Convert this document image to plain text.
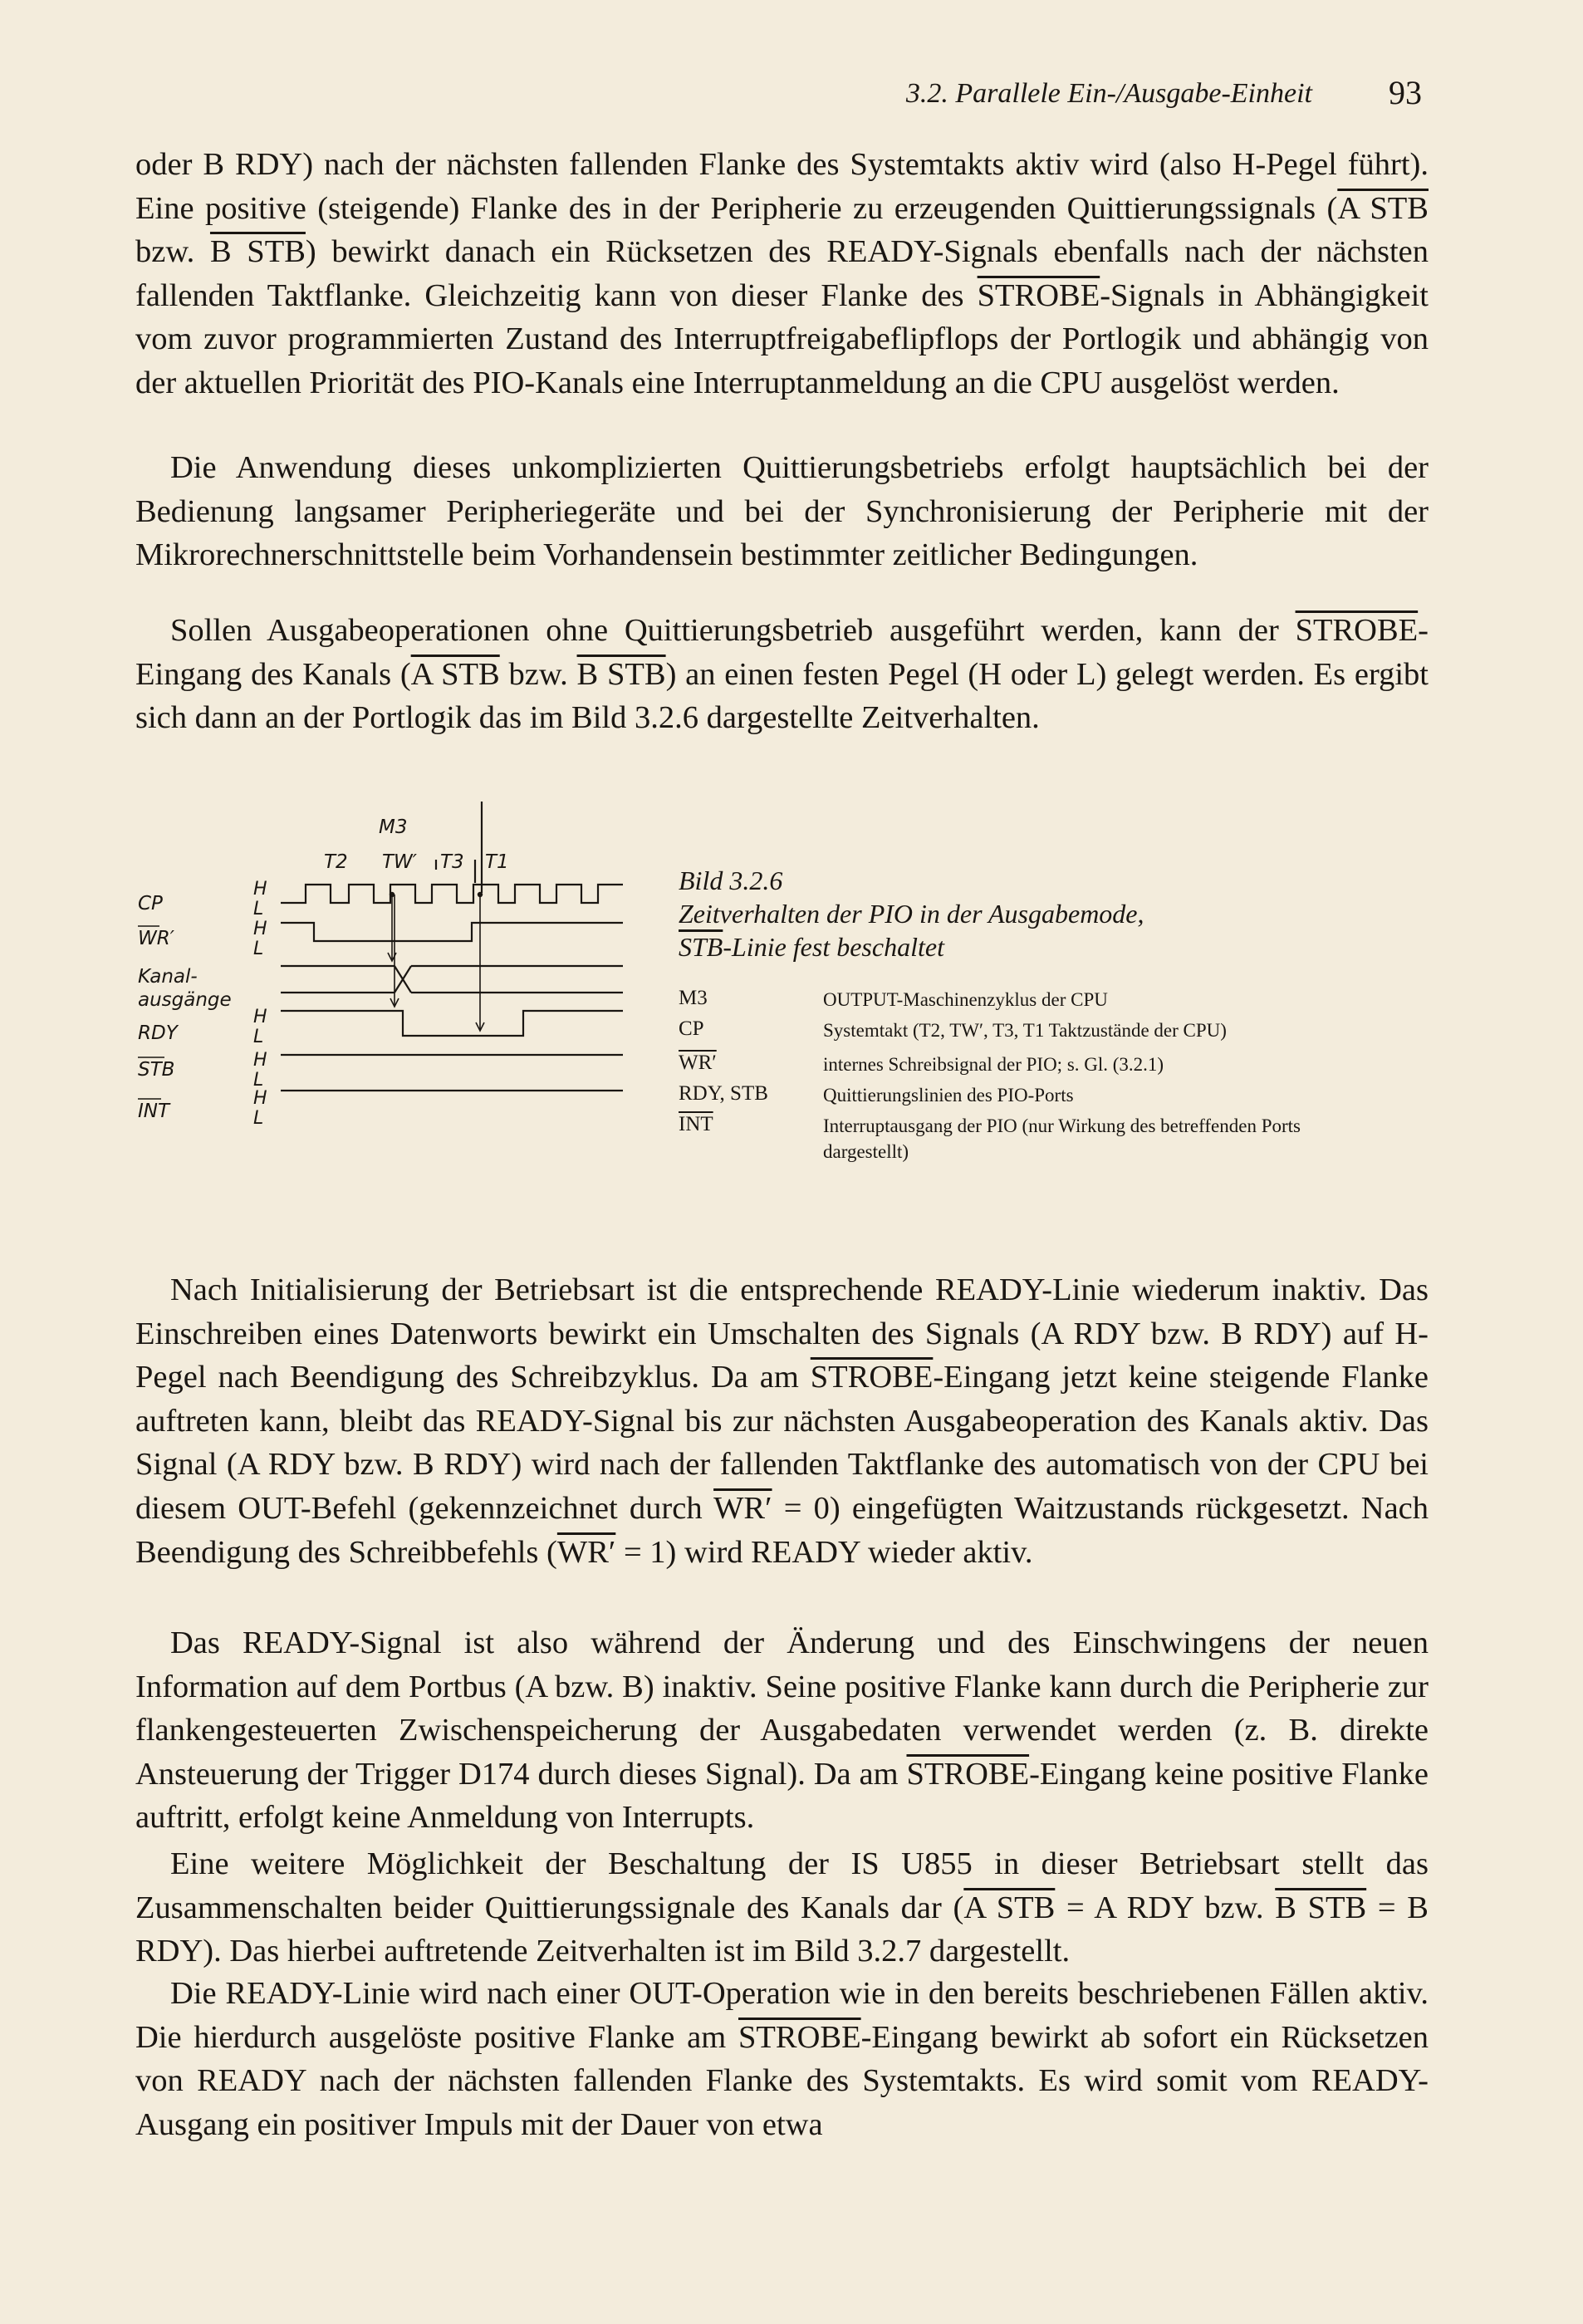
3.2. Parallele Ein-/Ausgabe-Einheit 93

oder B RDY) nach der nächsten fallenden Flanke des Systemtakts aktiv wird (also H-Pegel führt). Eine positive (steigende) Flanke des in der Peripherie zu erzeugenden Quittierungssignals (A STB bzw. B STB) bewirkt danach ein Rücksetzen des READY-Signals ebenfalls nach der nächsten fallenden Taktflanke. Gleichzeitig kann von dieser Flanke des STROBE-Signals in Abhängigkeit vom zuvor programmierten Zustand des Interruptfreigabeflipflops der Portlogik und abhängig von der aktuellen Priorität des PIO-Kanals eine Interruptanmeldung an die CPU ausgelöst werden.

Die Anwendung dieses unkomplizierten Quittierungsbetriebs erfolgt hauptsächlich bei der Bedienung langsamer Peripheriegeräte und bei der Synchronisierung der Peripherie mit der Mikrorechnerschnittstelle beim Vorhandensein bestimmter zeitlicher Bedingungen.

Sollen Ausgabeoperationen ohne Quittierungsbetrieb ausgeführt werden, kann der STROBE-Eingang des Kanals (A STB bzw. B STB) an einen festen Pegel (H oder L) gelegt werden. Es ergibt sich dann an der Portlogik das im Bild 3.2.6 dargestellte Zeitverhalten.

M3
T2 TW′ T3 T1
CP
WR′
Kanal-
ausgänge
RDY
STB
INT
H
L
H
L
H
L
H
L
H
L
Bild 3.2.6
Zeitverhalten der PIO in der Ausgabemode,
$\overline{STB}$-Linie fest beschaltet
M3	OUTPUT-Maschinenzyklus der CPU
CP	Systemtakt (T2, TW′, T3, T1 Taktzustände der CPU)
WR′	internes Schreibsignal der PIO; s. Gl. (3.2.1)
RDY, STB	Quittierungslinien des PIO-Ports
$\overline{INT}$	Interruptausgang der PIO (nur Wirkung des betreffenden Ports dargestellt)

Nach Initialisierung der Betriebsart ist die entsprechende READY-Linie wiederum inaktiv. Das Einschreiben eines Datenworts bewirkt ein Umschalten des Signals (A RDY bzw. B RDY) auf H-Pegel nach Beendigung des Schreibzyklus. Da am STROBE-Eingang jetzt keine steigende Flanke auftreten kann, bleibt das READY-Signal bis zur nächsten Ausgabeoperation des Kanals aktiv. Das Signal (A RDY bzw. B RDY) wird nach der fallenden Taktflanke des automatisch von der CPU bei diesem OUT-Befehl (gekennzeichnet durch WR′ = 0) eingefügten Waitzustands rückgesetzt. Nach Beendigung des Schreibbefehls (WR′ = 1) wird READY wieder aktiv.

Das READY-Signal ist also während der Änderung und des Einschwingens der neuen Information auf dem Portbus (A bzw. B) inaktiv. Seine positive Flanke kann durch die Peripherie zur flankengesteuerten Zwischenspeicherung der Ausgabedaten verwendet werden (z. B. direkte Ansteuerung der Trigger D174 durch dieses Signal). Da am STROBE-Eingang keine positive Flanke auftritt, erfolgt keine Anmeldung von Interrupts.

Eine weitere Möglichkeit der Beschaltung der IS U855 in dieser Betriebsart stellt das Zusammenschalten beider Quittierungssignale des Kanals dar (A STB = A RDY bzw. B STB = B RDY). Das hierbei auftretende Zeitverhalten ist im Bild 3.2.7 dargestellt.

Die READY-Linie wird nach einer OUT-Operation wie in den bereits beschriebenen Fällen aktiv. Die hierdurch ausgelöste positive Flanke am STROBE-Eingang bewirkt ab sofort ein Rücksetzen von READY nach der nächsten fallenden Flanke des Systemtakts. Es wird somit vom READY-Ausgang ein positiver Impuls mit der Dauer von etwa
